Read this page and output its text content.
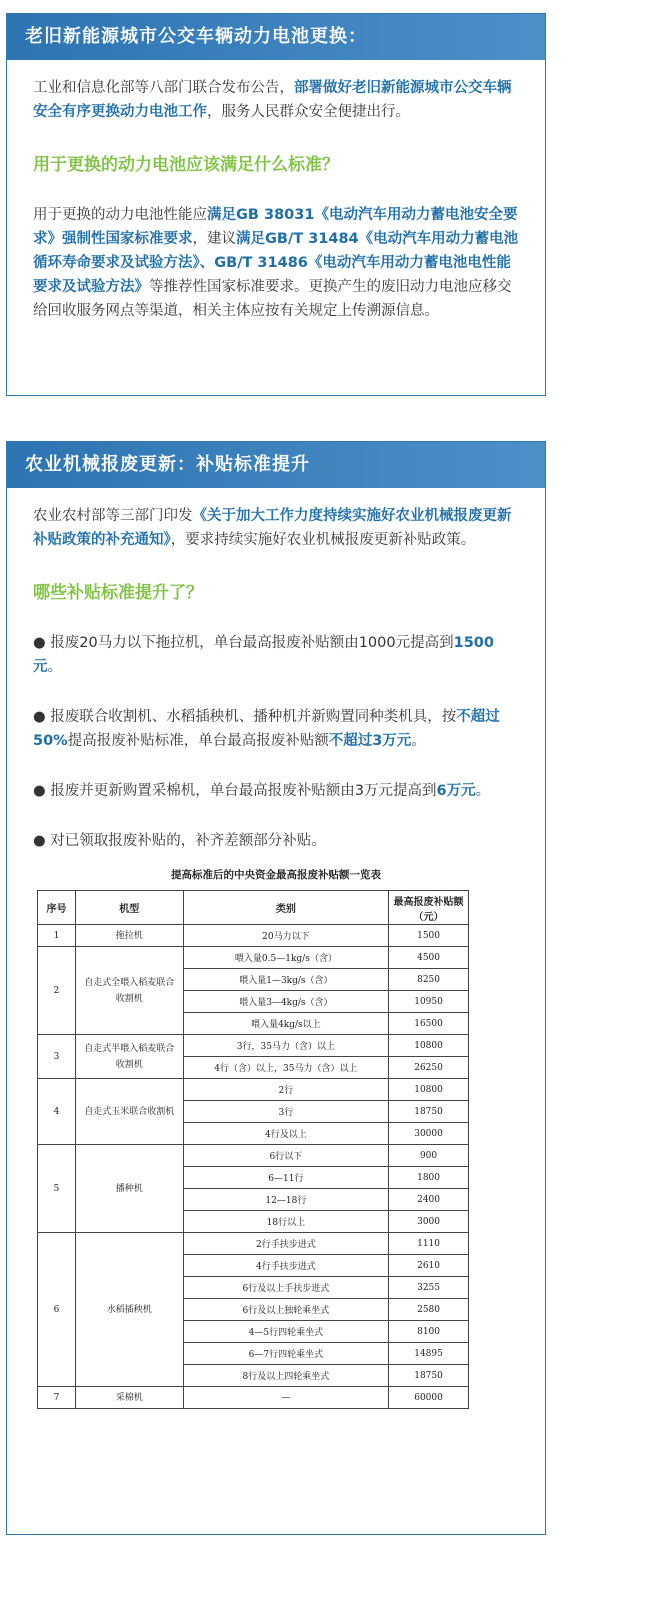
老旧新能源城市公交车辆动力电池更换：

工业和信息化部等八部门联合发布公告，部署做好老旧新能源城市公交车辆安全有序更换动力电池工作，服务人民群众安全便捷出行。

用于更换的动力电池应该满足什么标准？

用于更换的动力电池性能应满足GB 38031《电动汽车用动力蓄电池安全要求》强制性国家标准要求，建议满足GB/T 31484《电动汽车用动力蓄电池循环寿命要求及试验方法》、GB/T 31486《电动汽车用动力蓄电池电性能要求及试验方法》等推荐性国家标准要求。更换产生的废旧动力电池应移交给回收服务网点等渠道，相关主体应按有关规定上传溯源信息。

农业机械报废更新：补贴标准提升

农业农村部等三部门印发《关于加大工作力度持续实施好农业机械报废更新补贴政策的补充通知》，要求持续实施好农业机械报废更新补贴政策。

哪些补贴标准提升了？

● 报废20马力以下拖拉机，单台最高报废补贴额由1000元提高到1500元。

● 报废联合收割机、水稻插秧机、播种机并新购置同种类机具，按不超过50%提高报废补贴标准，单台最高报废补贴额不超过3万元。

● 报废并更新购置采棉机，单台最高报废补贴额由3万元提高到6万元。

● 对已领取报废补贴的，补齐差额部分补贴。

提高标准后的中央资金最高报废补贴额一览表
序号	机型	类别	最高报废补贴额（元）
1	拖拉机	20马力以下	1500
2	自走式全喂入稻麦联合收割机	喂入量0.5—1kg/s（含）	4500
		喂入量1—3kg/s（含）	8250
		喂入量3—4kg/s（含）	10950
		喂入量4kg/s以上	16500
3	自走式半喂入稻麦联合收割机	3行，35马力（含）以上	10800
		4行（含）以上，35马力（含）以上	26250
4	自走式玉米联合收割机	2行	10800
		3行	18750
		4行及以上	30000
5	播种机	6行以下	900
		6—11行	1800
		12—18行	2400
		18行以上	3000
6	水稻插秧机	2行手扶步进式	1110
		4行手扶步进式	2610
		6行及以上手扶步进式	3255
		6行及以上独轮乘坐式	2580
		4—5行四轮乘坐式	8100
		6—7行四轮乘坐式	14895
		8行及以上四轮乘坐式	18750
7	采棉机	—	60000
